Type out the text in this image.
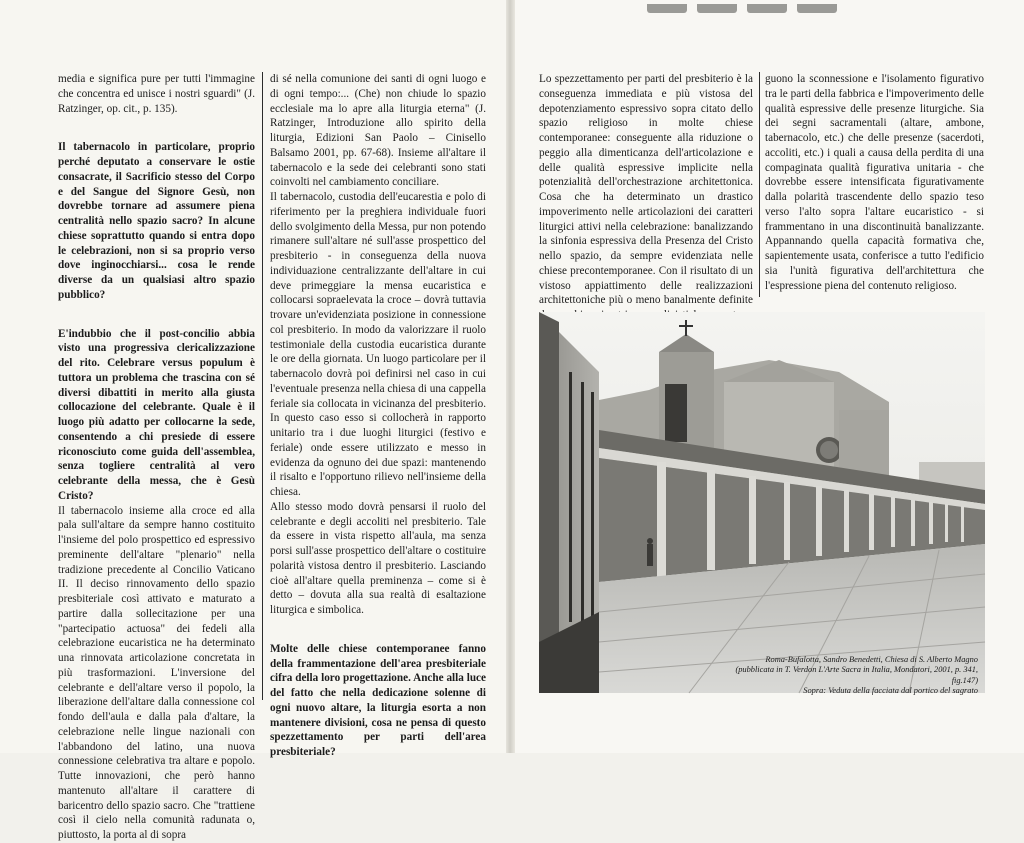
media e significa pure per tutti l'immagine che concentra ed unisce i nostri sguardi" (J. Ratzinger, op. cit., p. 135).

Il tabernacolo in particolare, proprio perché deputato a conservare le ostie consacrate, il Sacrificio stesso del Corpo e del Sangue del Signore Gesù, non dovrebbe tornare ad assumere piena centralità nello spazio sacro? In alcune chiese soprattutto quando si entra dopo le celebrazioni, non si sa proprio verso dove inginocchiarsi... cosa le rende diverse da un qualsiasi altro spazio pubblico?

E'indubbio che il post-concilio abbia visto una progressiva clericalizzazione del rito. Celebrare versus populum è tuttora un problema che trascina con sé diversi dibattiti in merito alla giusta collocazione del celebrante. Quale è il luogo più adatto per collocarne la sede, consentendo a chi presiede di essere riconosciuto come guida dell'assemblea, senza togliere centralità al vero celebrante della messa, che è Gesù Cristo?

Il tabernacolo insieme alla croce ed alla pala sull'altare da sempre hanno costituito l'insieme del polo prospettico ed espressivo preminente dell'altare "plenario" nella tradizione precedente al Concilio Vaticano II. Il deciso rinnovamento dello spazio presbiteriale così attivato e maturato a partire dalla sollecitazione per una "partecipatio actuosa" dei fedeli alla celebrazione eucaristica ne ha determinato una rinnovata articolazione concretata in più trasformazioni. L'inversione del celebrante e dell'altare verso il popolo, la liberazione dell'altare dalla connessione col fondo dell'aula e dalla pala d'altare, la celebrazione nelle lingue nazionali con l'abbandono del latino, una nuova connessione celebrativa tra altare e popolo. Tutte innovazioni, che però hanno mantenuto all'altare il carattere di baricentro dello spazio sacro. Che "trattiene così il cielo nella comunità radunata o, piuttosto, la porta al di sopra

di sé nella comunione dei santi di ogni luogo e di ogni tempo:... (Che) non chiude lo spazio ecclesiale ma lo apre alla liturgia eterna" (J. Ratzinger, Introduzione allo spirito della liturgia, Edizioni San Paolo – Cinisello Balsamo 2001, pp. 67-68). Insieme all'altare il tabernacolo e la sede dei celebranti sono stati coinvolti nel cambiamento conciliare.

Il tabernacolo, custodia dell'eucarestia e polo di riferimento per la preghiera individuale fuori dello svolgimento della Messa, pur non potendo rimanere sull'altare né sull'asse prospettico del presbiterio - in conseguenza della nuova individuazione centralizzante dell'altare in cui deve primeggiare la mensa eucaristica e collocarsi sopraelevata la croce – dovrà tuttavia trovare un'evidenziata posizione in connessione col presbiterio. In modo da valorizzare il ruolo testimoniale della custodia eucaristica durante le ore della giornata. Un luogo particolare per il tabernacolo dovrà poi definirsi nel caso in cui l'eventuale presenza nella chiesa di una cappella feriale sia collocata in vicinanza del presbiterio. In questo caso esso si collocherà in rapporto unitario tra i due luoghi liturgici (festivo e feriale) onde essere utilizzato e messo in evidenza da ognuno dei due spazi: mantenendo il risalto e l'opportuno rilievo nell'insieme della chiesa.

Allo stesso modo dovrà pensarsi il ruolo del celebrante e degli accoliti nel presbiterio. Tale da essere in vista rispetto all'aula, ma senza porsi sull'asse prospettico dell'altare o costituire polarità vistosa dentro il presbiterio. Lasciando cioè all'altare quella preminenza – come si è detto – dovuta alla sua realtà di esaltazione liturgica e simbolica.

Molte delle chiese contemporanee fanno della frammentazione dell'area presbiteriale cifra della loro progettazione. Anche alla luce del fatto che nella dedicazione solenne di ogni nuovo altare, la liturgia esorta a non mantenere divisioni, cosa ne pensa di questo spezzettamento per parti dell'area presbiteriale?

Lo spezzettamento per parti del presbiterio è la conseguenza immediata e più vistosa del depotenziamento espressivo sopra citato dello spazio religioso in molte chiese contemporanee: conseguente alla riduzione o peggio alla dimenticanza dell'articolazione e delle qualità espressive implicite nella potenzialità dell'orchestrazione architettonica. Cosa che ha determinato un drastico impoverimento nelle articolazioni dei caratteri liturgici attivi nella celebrazione: banalizzando la sinfonia espressiva della Presenza del Cristo nello spazio, da sempre evidenziata nelle chiese precontemporanee. Con il risultato di un vistoso appiattimento delle realizzazioni architettoniche più o meno banalmente definite

guono la sconnessione e l'isolamento figurativo tra le parti della fabbrica e l'impoverimento delle qualità espressive delle presenze liturgiche. Sia dei segni sacramentali (altare, ambone, tabernacolo, etc.) che delle presenze (sacerdoti, accoliti, etc.) i quali a causa della perdita di una compaginata qualità figurativa unitaria - che dovrebbe essere intensificata figurativamente dalla polarità trascendente dello spazio teso verso l'alto sopra l'altare eucaristico - si frammentano in una discontinuità banalizzante. Appannando quella capacità formativa che, sapientemente usata, conferisce a tutto l'edificio sia l'unità figurativa dell'architettura che l'espressione piena del contenuto religioso.

Roma-Bufalotta, Sandro Benedetti, Chiesa di S. Alberto Magno

(pubblicata in T. Verdon L'Arte Sacra in Italia, Mondatori, 2001, p. 341, fig.147)

Sopra: Veduta della facciata dal portico del sagrato
